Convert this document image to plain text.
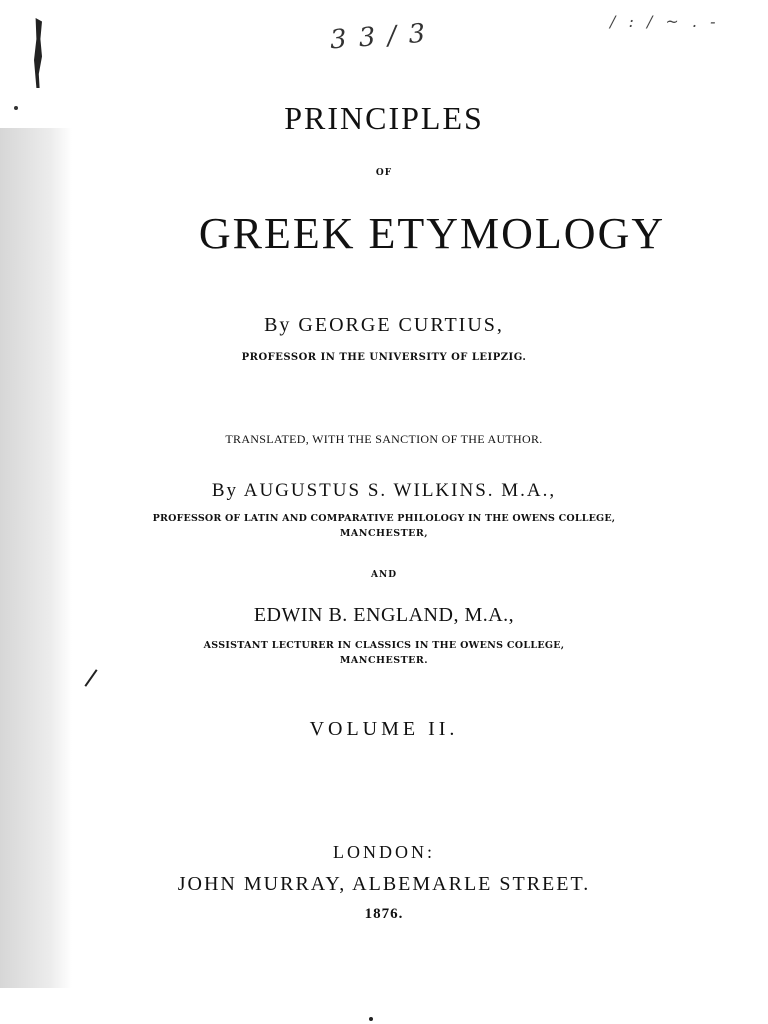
3 3 / 3	/ : / ~ . -

PRINCIPLES

OF

GREEK ETYMOLOGY

By GEORGE CURTIUS,

PROFESSOR IN THE UNIVERSITY OF LEIPZIG.

TRANSLATED, WITH THE SANCTION OF THE AUTHOR.

By AUGUSTUS S. WILKINS. M.A.,

PROFESSOR OF LATIN AND COMPARATIVE PHILOLOGY IN THE OWENS COLLEGE,

MANCHESTER,

AND

EDWIN B. ENGLAND, M.A.,

ASSISTANT LECTURER IN CLASSICS IN THE OWENS COLLEGE,

MANCHESTER.

VOLUME II.

LONDON:

JOHN MURRAY, ALBEMARLE STREET.

1876.
